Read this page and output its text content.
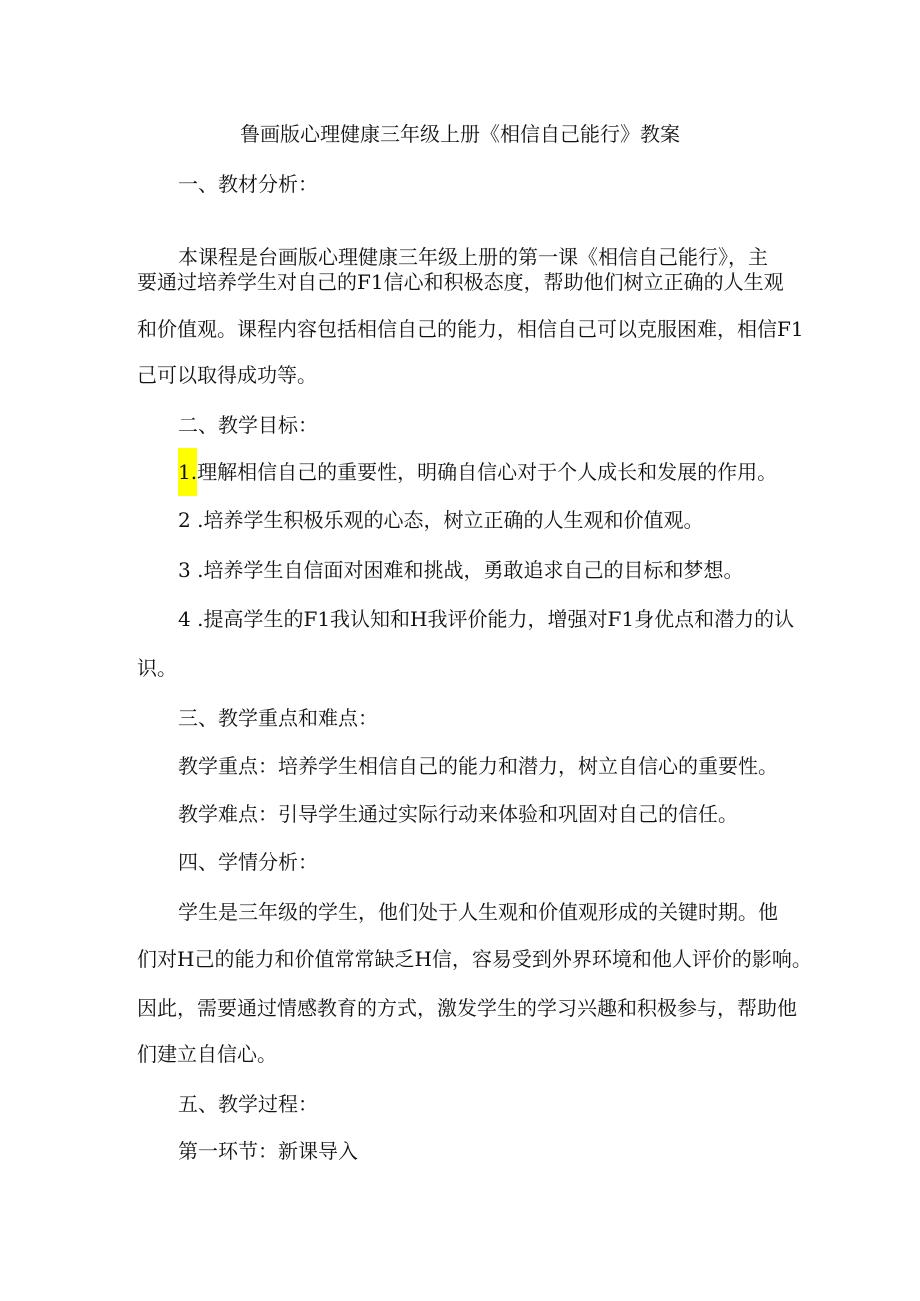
鲁画版心理健康三年级上册《相信自己能行》教案

一、教材分析：

本课程是台画版心理健康三年级上册的第一课《相信自己能行》，主

要通过培养学生对自己的F1信心和积极态度，帮助他们树立正确的人生观

和价值观。课程内容包括相信自己的能力，相信自己可以克服困难，相信F1

己可以取得成功等。

二、教学目标：

1.理解相信自己的重要性，明确自信心对于个人成长和发展的作用。

2 .培养学生积极乐观的心态，树立正确的人生观和价值观。

3 .培养学生自信面对困难和挑战，勇敢追求自己的目标和梦想。

4 .提高学生的F1我认知和H我评价能力，增强对F1身优点和潜力的认

识。

三、教学重点和难点：

教学重点：培养学生相信自己的能力和潜力，树立自信心的重要性。

教学难点：引导学生通过实际行动来体验和巩固对自己的信任。

四、学情分析：

学生是三年级的学生，他们处于人生观和价值观形成的关键时期。他

们对H己的能力和价值常常缺乏H信，容易受到外界环境和他人评价的影响。

因此，需要通过情感教育的方式，激发学生的学习兴趣和积极参与，帮助他

们建立自信心。

五、教学过程：

第一环节：新课导入
